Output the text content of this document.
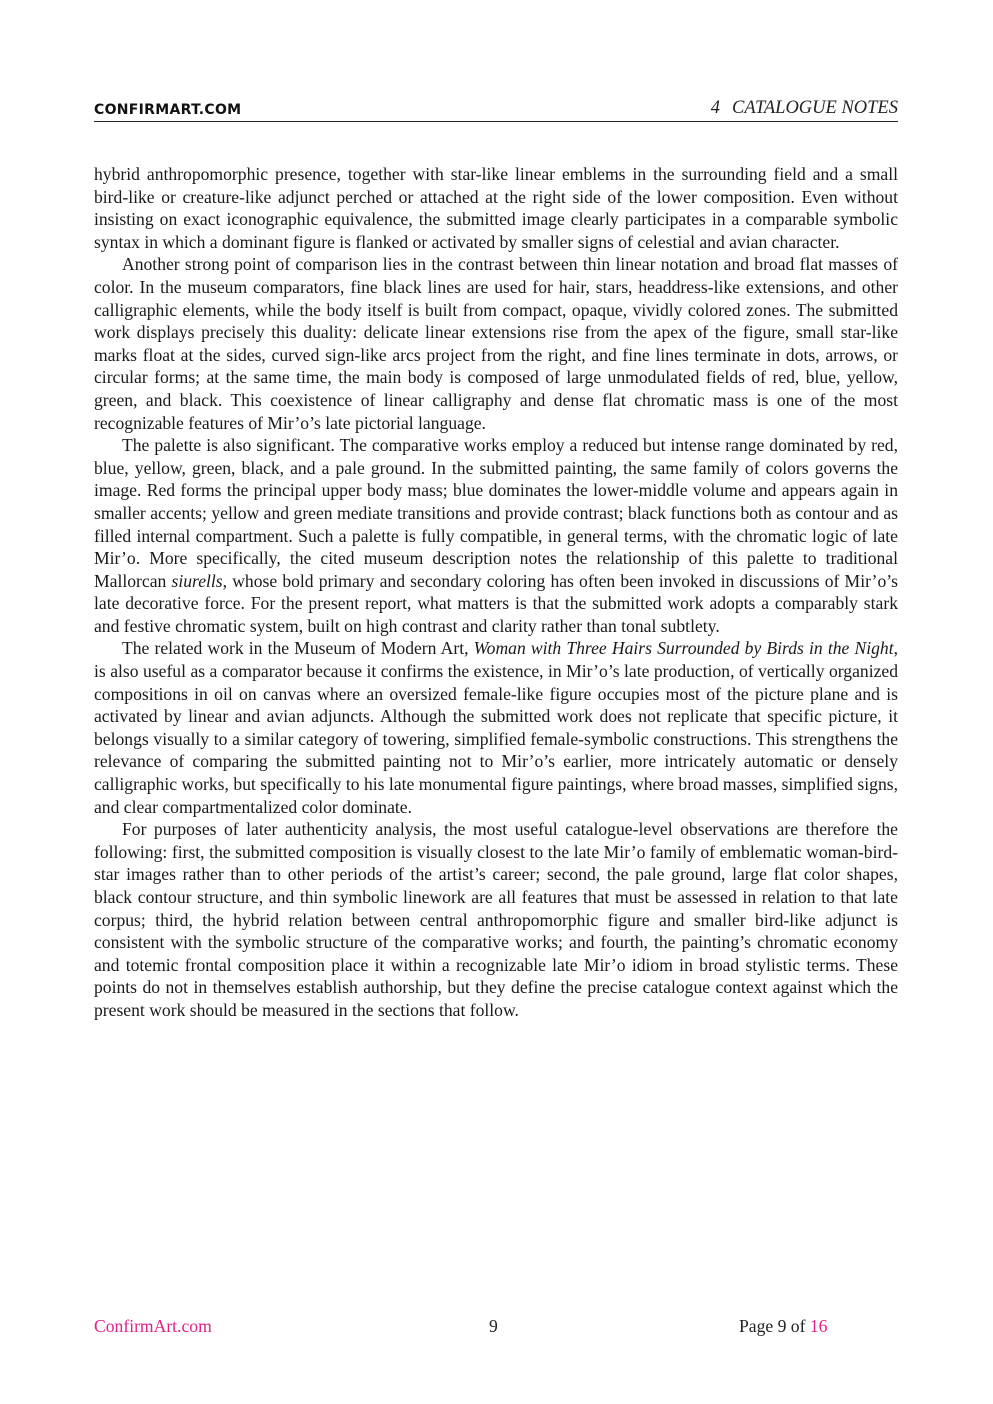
CONFIRMART.COM	4 CATALOGUE NOTES

hybrid anthropomorphic presence, together with star-like linear emblems in the surrounding field and a small bird-like or creature-like adjunct perched or attached at the right side of the lower composition. Even without insisting on exact iconographic equivalence, the submitted image clearly participates in a comparable symbolic syntax in which a dominant figure is flanked or activated by smaller signs of celestial and avian character.

Another strong point of comparison lies in the contrast between thin linear notation and broad flat masses of color. In the museum comparators, fine black lines are used for hair, stars, headdress-like extensions, and other calligraphic elements, while the body itself is built from compact, opaque, vividly colored zones. The submitted work displays precisely this duality: delicate linear extensions rise from the apex of the figure, small star-like marks float at the sides, curved sign-like arcs project from the right, and fine lines terminate in dots, arrows, or circular forms; at the same time, the main body is composed of large unmodulated fields of red, blue, yellow, green, and black. This coexistence of linear calligraphy and dense flat chromatic mass is one of the most recognizable features of Mir’o’s late pictorial language.

The palette is also significant. The comparative works employ a reduced but intense range dominated by red, blue, yellow, green, black, and a pale ground. In the submitted painting, the same family of colors governs the image. Red forms the principal upper body mass; blue dominates the lower-middle volume and appears again in smaller accents; yellow and green mediate transitions and provide contrast; black functions both as contour and as filled internal compartment. Such a palette is fully compatible, in general terms, with the chromatic logic of late Mir’o. More specifically, the cited museum description notes the relationship of this palette to traditional Mallorcan siurells, whose bold primary and secondary coloring has often been invoked in discussions of Mir’o’s late decorative force. For the present report, what matters is that the submitted work adopts a comparably stark and festive chromatic system, built on high contrast and clarity rather than tonal subtlety.

The related work in the Museum of Modern Art, Woman with Three Hairs Surrounded by Birds in the Night, is also useful as a comparator because it confirms the existence, in Mir’o’s late production, of vertically organized compositions in oil on canvas where an oversized female-like figure occupies most of the picture plane and is activated by linear and avian adjuncts. Although the submitted work does not replicate that specific picture, it belongs visually to a similar category of towering, simplified female-symbolic constructions. This strengthens the relevance of comparing the submitted painting not to Mir’o’s earlier, more intricately automatic or densely calligraphic works, but specifically to his late monumental figure paintings, where broad masses, simplified signs, and clear compartmentalized color dominate.

For purposes of later authenticity analysis, the most useful catalogue-level observations are therefore the following: first, the submitted composition is visually closest to the late Mir’o family of emblematic woman-bird-star images rather than to other periods of the artist’s career; second, the pale ground, large flat color shapes, black contour structure, and thin symbolic linework are all features that must be assessed in relation to that late corpus; third, the hybrid relation between central anthropomorphic figure and smaller bird-like adjunct is consistent with the symbolic structure of the comparative works; and fourth, the painting’s chromatic economy and totemic frontal composition place it within a recognizable late Mir’o idiom in broad stylistic terms. These points do not in themselves establish authorship, but they define the precise catalogue context against which the present work should be measured in the sections that follow.

ConfirmArt.com	9	Page 9 of 16
